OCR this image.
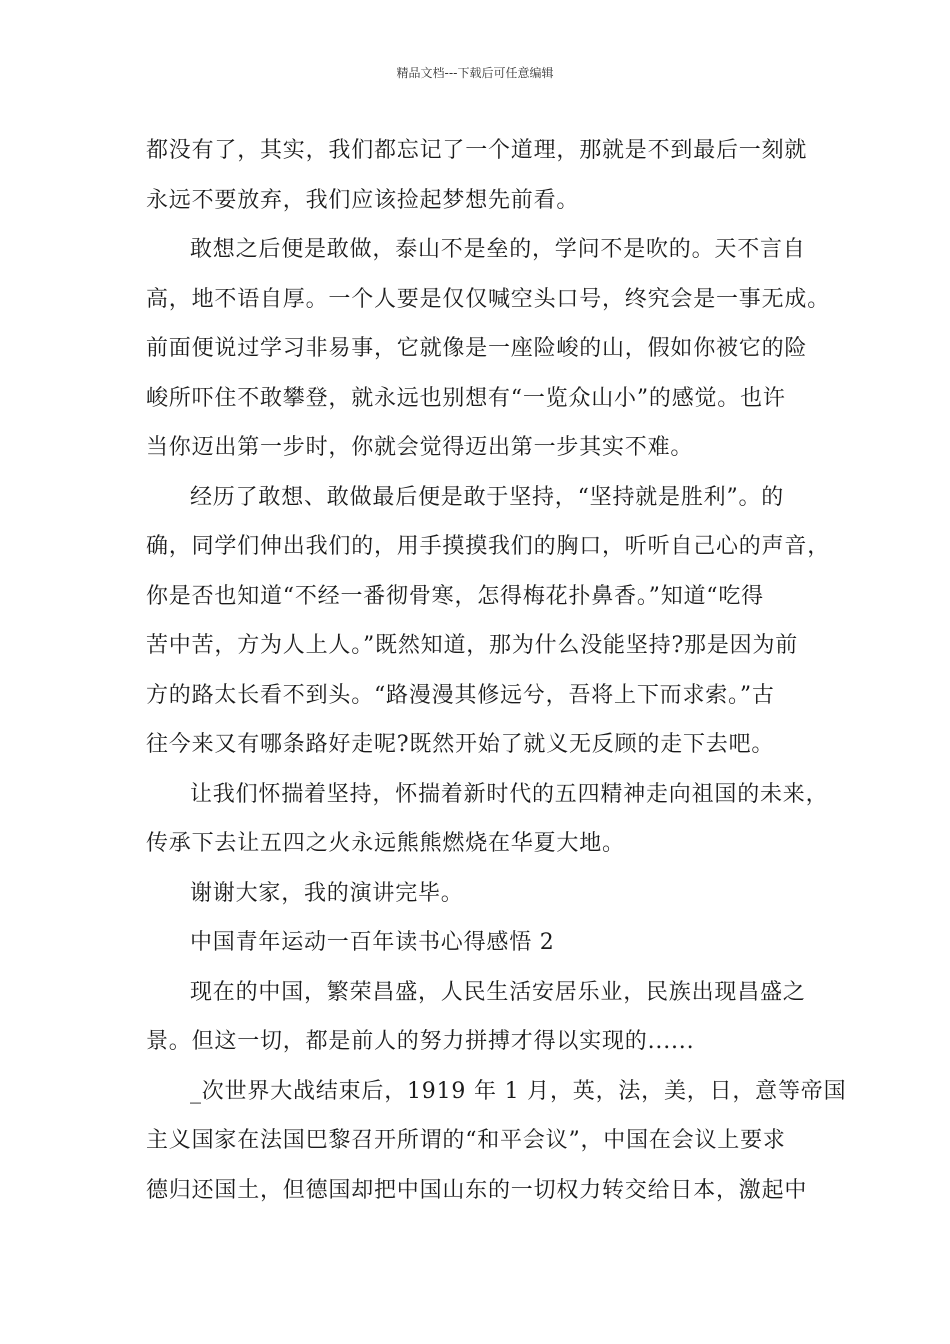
精品文档---下载后可任意编辑
都没有了，其实，我们都忘记了一个道理，那就是不到最后一刻就
永远不要放弃，我们应该捡起梦想先前看。
敢想之后便是敢做，泰山不是垒的，学问不是吹的。天不言自
高，地不语自厚。一个人要是仅仅喊空头口号，终究会是一事无成。
前面便说过学习非易事，它就像是一座险峻的山，假如你被它的险
峻所吓住不敢攀登，就永远也别想有“一览众山小”的感觉。也许
当你迈出第一步时，你就会觉得迈出第一步其实不难。
经历了敢想、敢做最后便是敢于坚持，“坚持就是胜利”。的
确，同学们伸出我们的，用手摸摸我们的胸口，听听自己心的声音，
你是否也知道“不经一番彻骨寒，怎得梅花扑鼻香。”知道“吃得
苦中苦，方为人上人。”既然知道，那为什么没能坚持?那是因为前
方的路太长看不到头。“路漫漫其修远兮，吾将上下而求索。”古
往今来又有哪条路好走呢?既然开始了就义无反顾的走下去吧。
让我们怀揣着坚持，怀揣着新时代的五四精神走向祖国的未来，
传承下去让五四之火永远熊熊燃烧在华夏大地。
谢谢大家，我的演讲完毕。
中国青年运动一百年读书心得感悟 2
现在的中国，繁荣昌盛，人民生活安居乐业，民族出现昌盛之
景。但这一切，都是前人的努力拼搏才得以实现的......
_次世界大战结束后，1919 年 1 月，英，法，美，日，意等帝国
主义国家在法国巴黎召开所谓的“和平会议”，中国在会议上要求
德归还国土，但德国却把中国山东的一切权力转交给日本，激起中
